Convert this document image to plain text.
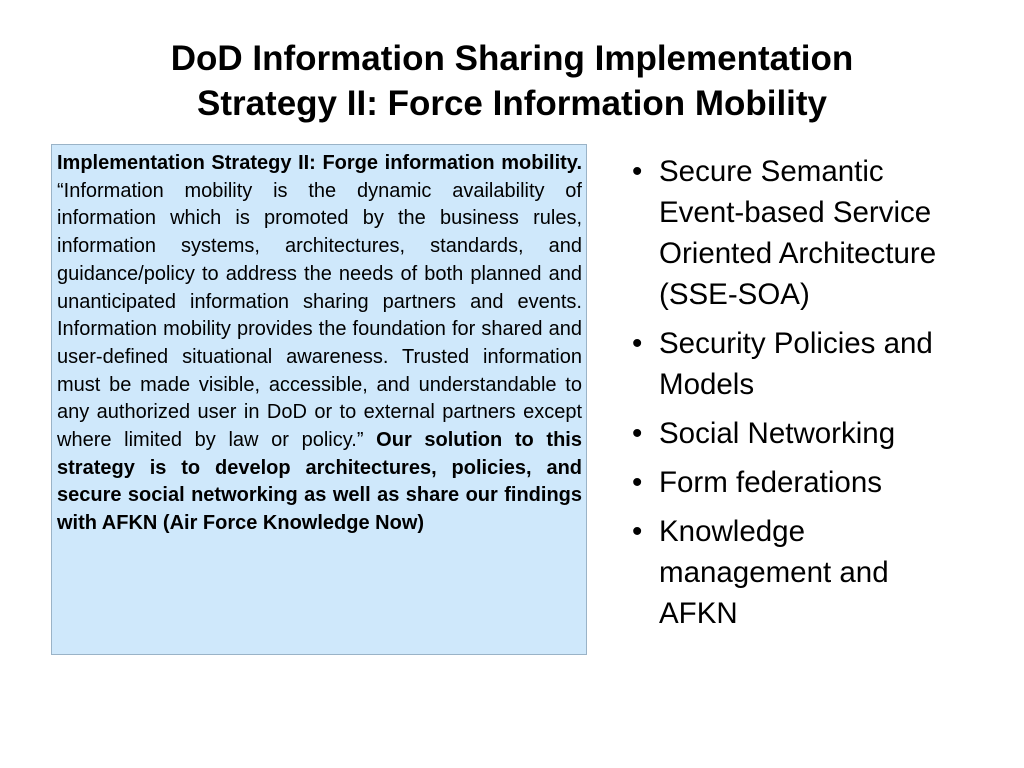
DoD Information Sharing Implementation
Strategy II: Force Information Mobility
Implementation Strategy II: Forge information mobility. “Information mobility is the dynamic availability of information which is promoted by the business rules, information systems, architectures, standards, and guidance/policy to address the needs of both planned and unanticipated information sharing partners and events. Information mobility provides the foundation for shared and user-defined situational awareness. Trusted information must be made visible, accessible, and understandable to any authorized user in DoD or to external partners except where limited by law or policy.” Our solution to this strategy is to develop architectures, policies, and secure social networking as well as share our findings with AFKN (Air Force Knowledge Now)
• Secure Semantic Event-based Service Oriented Architecture (SSE-SOA)
• Security Policies and Models
• Social Networking
• Form federations
• Knowledge management and AFKN
